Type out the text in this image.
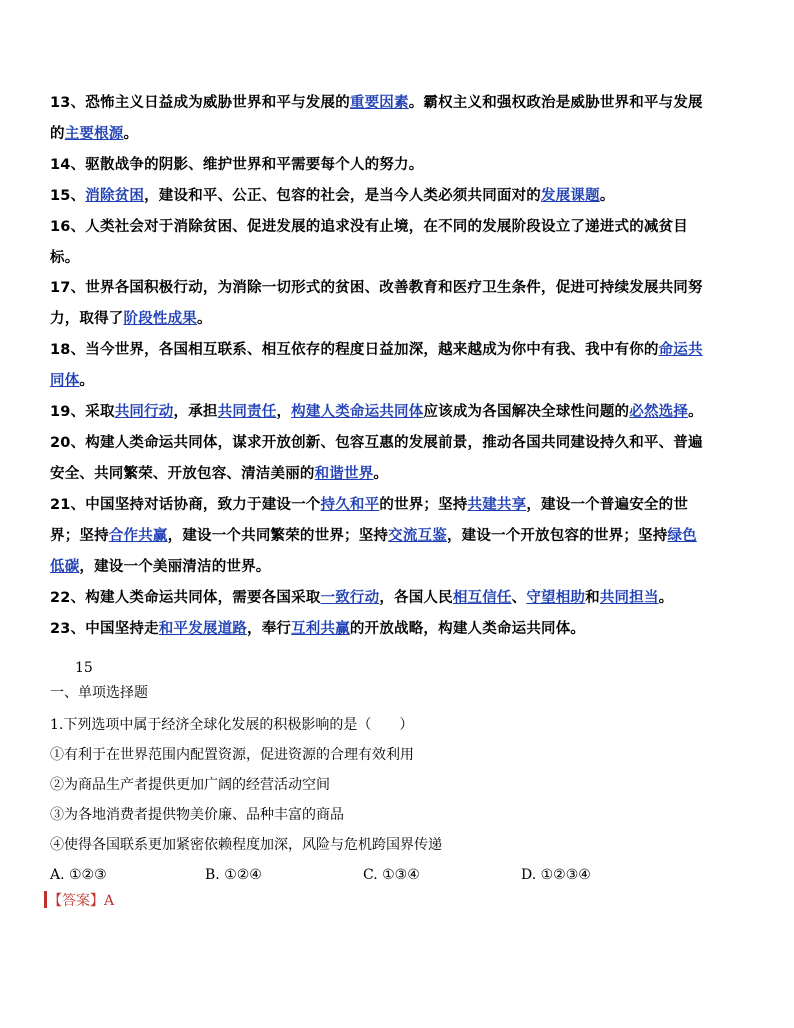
13、恐怖主义日益成为威胁世界和平与发展的重要因素。霸权主义和强权政治是威胁世界和平与发展
的主要根源。
14、驱散战争的阴影、维护世界和平需要每个人的努力。
15、消除贫困，建设和平、公正、包容的社会，是当今人类必须共同面对的发展课题。
16、人类社会对于消除贫困、促进发展的追求没有止境，在不同的发展阶段设立了递进式的减贫目
标。
17、世界各国积极行动，为消除一切形式的贫困、改善教育和医疗卫生条件，促进可持续发展共同努
力，取得了阶段性成果。
18、当今世界，各国相互联系、相互依存的程度日益加深，越来越成为你中有我、我中有你的命运共
同体。
19、采取共同行动，承担共同责任，构建人类命运共同体应该成为各国解决全球性问题的必然选择。
20、构建人类命运共同体，谋求开放创新、包容互惠的发展前景，推动各国共同建设持久和平、普遍
安全、共同繁荣、开放包容、清洁美丽的和谐世界。
21、中国坚持对话协商，致力于建设一个持久和平的世界；坚持共建共享，建设一个普遍安全的世
界；坚持合作共赢，建设一个共同繁荣的世界；坚持交流互鉴，建设一个开放包容的世界；坚持绿色
低碳，建设一个美丽清洁的世界。
22、构建人类命运共同体，需要各国采取一致行动，各国人民相互信任、守望相助和共同担当。
23、中国坚持走和平发展道路，奉行互利共赢的开放战略，构建人类命运共同体。
15
一、单项选择题
1.下列选项中属于经济全球化发展的积极影响的是（　　）
①有利于在世界范围内配置资源，促进资源的合理有效利用
②为商品生产者提供更加广阔的经营活动空间
③为各地消费者提供物美价廉、品种丰富的商品
④使得各国联系更加紧密依赖程度加深，风险与危机跨国界传递
A. ①②③	B. ①②④	C. ①③④	D. ①②③④
【答案】A
